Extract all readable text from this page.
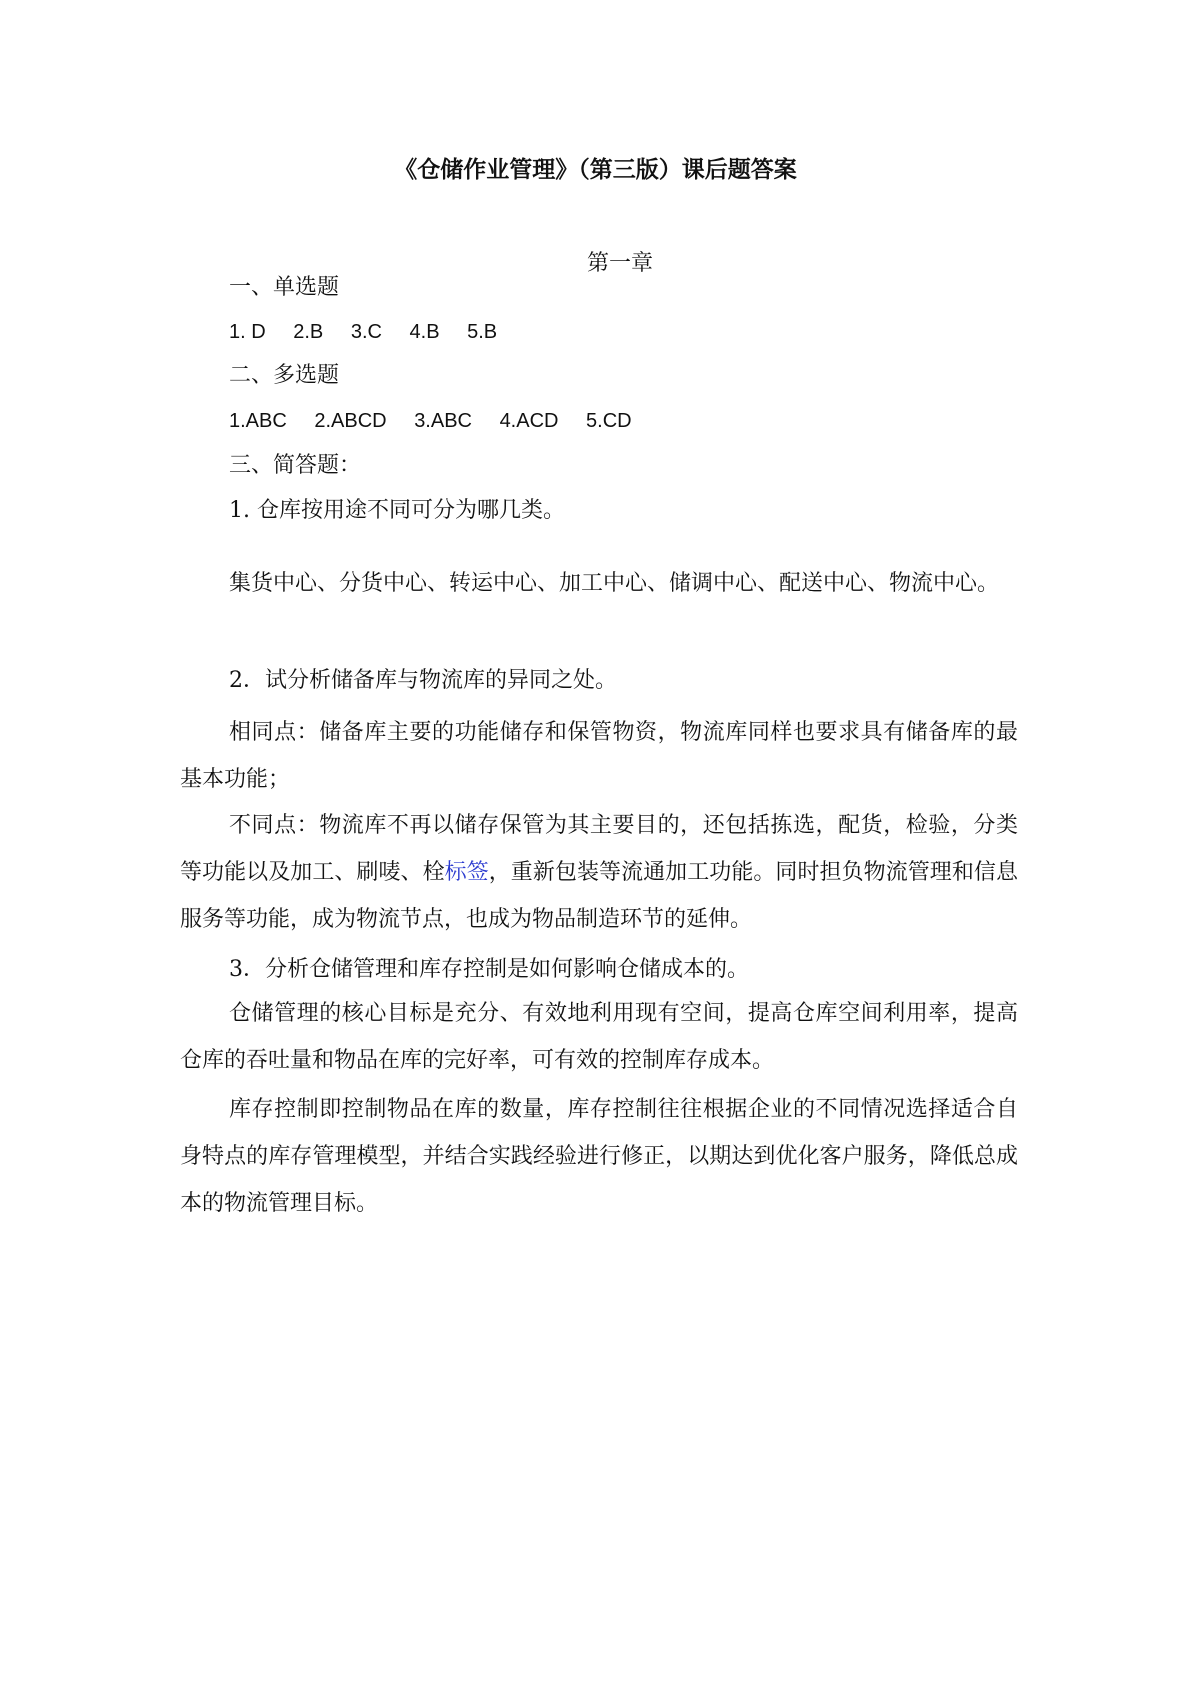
《仓储作业管理》（第三版）课后题答案
第一章
一、单选题
1. D 2.B 3.C 4.B 5.B
二、多选题
1.ABC 2.ABCD 3.ABC 4.ACD 5.CD
三、简答题：
1. 仓库按用途不同可分为哪几类。

集货中心、分货中心、转运中心、加工中心、储调中心、配送中心、物流中心。

2．试分析储备库与物流库的异同之处。

相同点：储备库主要的功能储存和保管物资，物流库同样也要求具有储备库的最基本功能；

不同点：物流库不再以储存保管为其主要目的，还包括拣选，配货，检验，分类等功能以及加工、刷唛、栓标签，重新包装等流通加工功能。同时担负物流管理和信息服务等功能，成为物流节点，也成为物品制造环节的延伸。

3．分析仓储管理和库存控制是如何影响仓储成本的。

仓储管理的核心目标是充分、有效地利用现有空间，提高仓库空间利用率，提高仓库的吞吐量和物品在库的完好率，可有效的控制库存成本。

库存控制即控制物品在库的数量，库存控制往往根据企业的不同情况选择适合自身特点的库存管理模型，并结合实践经验进行修正，以期达到优化客户服务，降低总成本的物流管理目标。
